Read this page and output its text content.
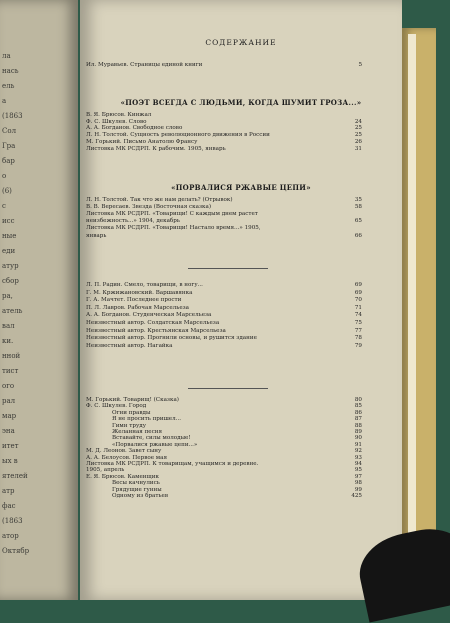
ла
нась
ель
а
(1863
Сол
Гра
бар
о
(6)
с
исс
ные
еди
атур
сбор
ра,
атель
вал
ки.
нной
тист
ого
рал
мар
эна
итет
ых в
ятелей
атр
фас
(1863
атор
Октябр
СОДЕРЖАНИЕ
Ил. Муравьев. Страницы единой книги	5
«ПОЭТ ВСЕГДА С ЛЮДЬМИ, КОГДА ШУМИТ ГРОЗА...»
В. Я. Брюсов. Кинжал
Ф. С. Шкулев. Слово	24
А. А. Богданов. Свободное слово	25
Л. Н. Толстой. Сущность революционного движения в России	25
М. Горький. Письмо Анатолю Франсу	26
Листовка МК РСДРП. К рабочим. 1905, январь	31
«ПОРВАЛИСЯ РЖАВЫЕ ЦЕПИ»
Л. Н. Толстой. Так что же нам делать? (Отрывок)	35
В. В. Вересаев. Звезда (Восточная сказка)	58
Листовка МК РСДРП. «Товарищи! С каждым днем растет
неизбежность...» 1904, декабрь	65
Листовка МК РСДРП. «Товарищи! Настало время...» 1905,
январь	66
Л. П. Радин. Смело, товарищи, в ногу...	69
Г. М. Кржижановский. Варшавянка	69
Г. А. Мачтет. Последнее прости	70
П. Л. Лавров. Рабочая Марсельеза	71
А. А. Богданов. Студенческая Марсельеза	74
Неизвестный автор. Солдатская Марсельеза	75
Неизвестный автор. Крестьянская Марсельеза	77
Неизвестный автор. Прогнили основы, и рушится здание	78
Неизвестный автор. Нагайка	79
М. Горький. Товарищ! (Сказка)	80
Ф. С. Шкулев. Город	85
Огни правды	86
Я не просить пришел...	87
Гимн труду	88
Желанная песня	89
Вставайте, силы молодые!	90
«Порвалися ржавые цепи...»	91
М. Д. Леонов. Завет сыну	92
А. А. Белоусов. Первое мая	93
Листовка МК РСДРП. К товарищам, учащимся и деревне.	94
1905, апрель	95
Е. Я. Брюсов. Каменщик	97
Весы качнулись	98
Грядущие гунны	99
Одному из братьев	425
